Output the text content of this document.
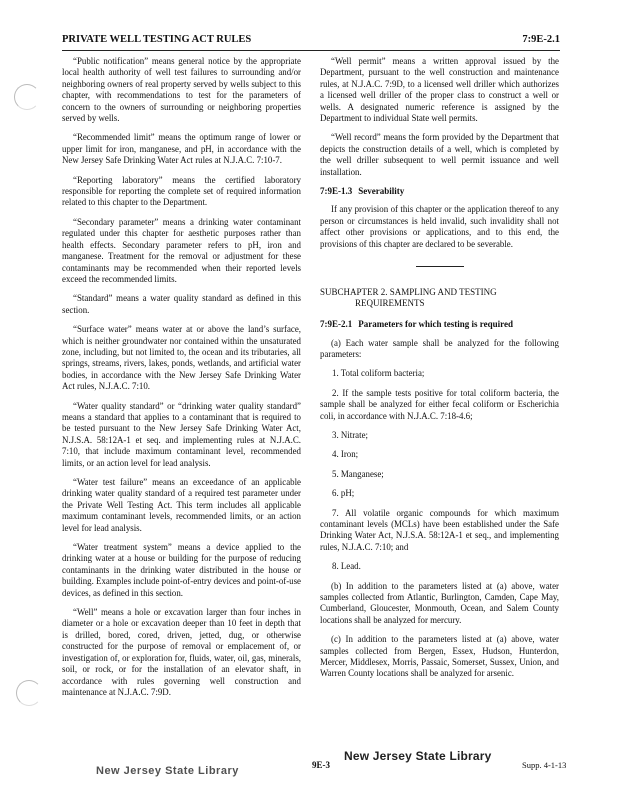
PRIVATE WELL TESTING ACT RULES	7:9E-2.1

“Public notification” means general notice by the appropriate local health authority of well test failures to surrounding and/or neighboring owners of real property served by wells subject to this chapter, with recommendations to test for the parameters of concern to the owners of surrounding or neighboring properties served by wells.

“Recommended limit” means the optimum range of lower or upper limit for iron, manganese, and pH, in accordance with the New Jersey Safe Drinking Water Act rules at N.J.A.C. 7:10-7.

“Reporting laboratory” means the certified laboratory responsible for reporting the complete set of required information related to this chapter to the Department.

“Secondary parameter” means a drinking water contaminant regulated under this chapter for aesthetic purposes rather than health effects. Secondary parameter refers to pH, iron and manganese. Treatment for the removal or adjustment for these contaminants may be recommended when their reported levels exceed the recommended limits.

“Standard” means a water quality standard as defined in this section.

“Surface water” means water at or above the land’s surface, which is neither groundwater nor contained within the unsaturated zone, including, but not limited to, the ocean and its tributaries, all springs, streams, rivers, lakes, ponds, wetlands, and artificial water bodies, in accordance with the New Jersey Safe Drinking Water Act rules, N.J.A.C. 7:10.

“Water quality standard” or “drinking water quality standard” means a standard that applies to a contaminant that is required to be tested pursuant to the New Jersey Safe Drinking Water Act, N.J.S.A. 58:12A-1 et seq. and implementing rules at N.J.A.C. 7:10, that include maximum contaminant level, recommended limits, or an action level for lead analysis.

“Water test failure” means an exceedance of an applicable drinking water quality standard of a required test parameter under the Private Well Testing Act. This term includes all applicable maximum contaminant levels, recommended limits, or an action level for lead analysis.

“Water treatment system” means a device applied to the drinking water at a house or building for the purpose of reducing contaminants in the drinking water distributed in the house or building. Examples include point-of-entry devices and point-of-use devices, as defined in this section.

“Well” means a hole or excavation larger than four inches in diameter or a hole or excavation deeper than 10 feet in depth that is drilled, bored, cored, driven, jetted, dug, or otherwise constructed for the purpose of removal or emplacement of, or investigation of, or exploration for, fluids, water, oil, gas, minerals, soil, or rock, or for the installation of an elevator shaft, in accordance with rules governing well construction and maintenance at N.J.A.C. 7:9D.

“Well permit” means a written approval issued by the Department, pursuant to the well construction and maintenance rules, at N.J.A.C. 7:9D, to a licensed well driller which authorizes a licensed well driller of the proper class to construct a well or wells. A designated numeric reference is assigned by the Department to individual State well permits.

“Well record” means the form provided by the Department that depicts the construction details of a well, which is completed by the well driller subsequent to well permit issuance and well installation.

7:9E-1.3 Severability

If any provision of this chapter or the application thereof to any person or circumstances is held invalid, such invalidity shall not affect other provisions or applications, and to this end, the provisions of this chapter are declared to be severable.

SUBCHAPTER 2. SAMPLING AND TESTING
REQUIREMENTS
7:9E-2.1 Parameters for which testing is required

(a) Each water sample shall be analyzed for the following parameters:

1. Total coliform bacteria;

2. If the sample tests positive for total coliform bacteria, the sample shall be analyzed for either fecal coliform or Escherichia coli, in accordance with N.J.A.C. 7:18-4.6;

3. Nitrate;

4. Iron;

5. Manganese;

6. pH;

7. All volatile organic compounds for which maximum contaminant levels (MCLs) have been established under the Safe Drinking Water Act, N.J.S.A. 58:12A-1 et seq., and implementing rules, N.J.A.C. 7:10; and

8. Lead.

(b) In addition to the parameters listed at (a) above, water samples collected from Atlantic, Burlington, Camden, Cape May, Cumberland, Gloucester, Monmouth, Ocean, and Salem County locations shall be analyzed for mercury.

(c) In addition to the parameters listed at (a) above, water samples collected from Bergen, Essex, Hudson, Hunterdon, Mercer, Middlesex, Morris, Passaic, Somerset, Sussex, Union, and Warren County locations shall be analyzed for arsenic.

New Jersey State Library
9E-3	Supp. 4-1-13
New Jersey State Library
